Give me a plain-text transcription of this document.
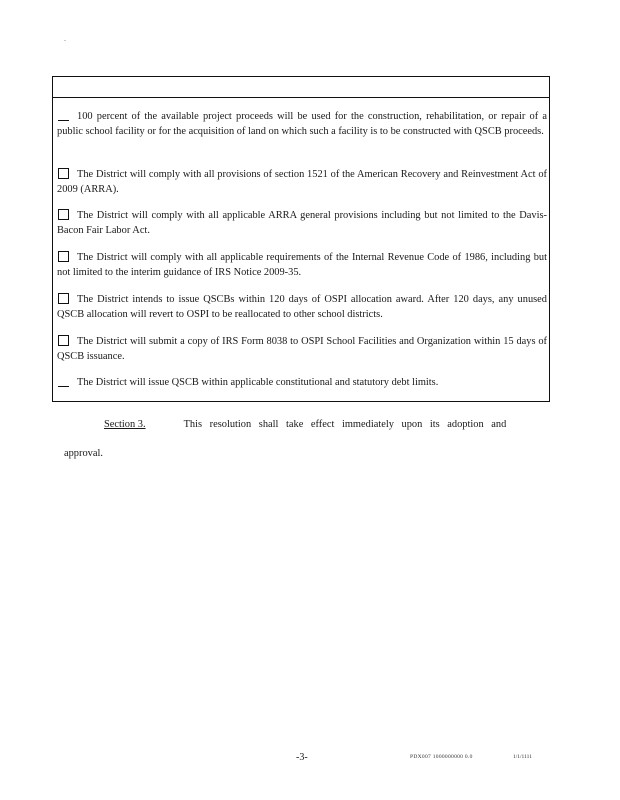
.
100 percent of the available project proceeds will be used for the construction, rehabilitation, or repair of a public school facility or for the acquisition of land on which such a facility is to be constructed with QSCB proceeds.
The District will comply with all provisions of section 1521 of the American Recovery and Reinvestment Act of 2009 (ARRA).
The District will comply with all applicable ARRA general provisions including but not limited to the Davis-Bacon Fair Labor Act.
The District will comply with all applicable requirements of the Internal Revenue Code of 1986, including but not limited to the interim guidance of IRS Notice 2009-35.
The District intends to issue QSCBs within 120 days of OSPI allocation award. After 120 days, any unused QSCB allocation will revert to OSPI to be reallocated to other school districts.
The District will submit a copy of IRS Form 8038 to OSPI School Facilities and Organization within 15 days of QSCB issuance.
The District will issue QSCB within applicable constitutional and statutory debt limits.
Section 3.	This resolution shall take effect immediately upon its adoption and
approval.
-3-	PDX007 1000000000 0.0	1/1/1111
